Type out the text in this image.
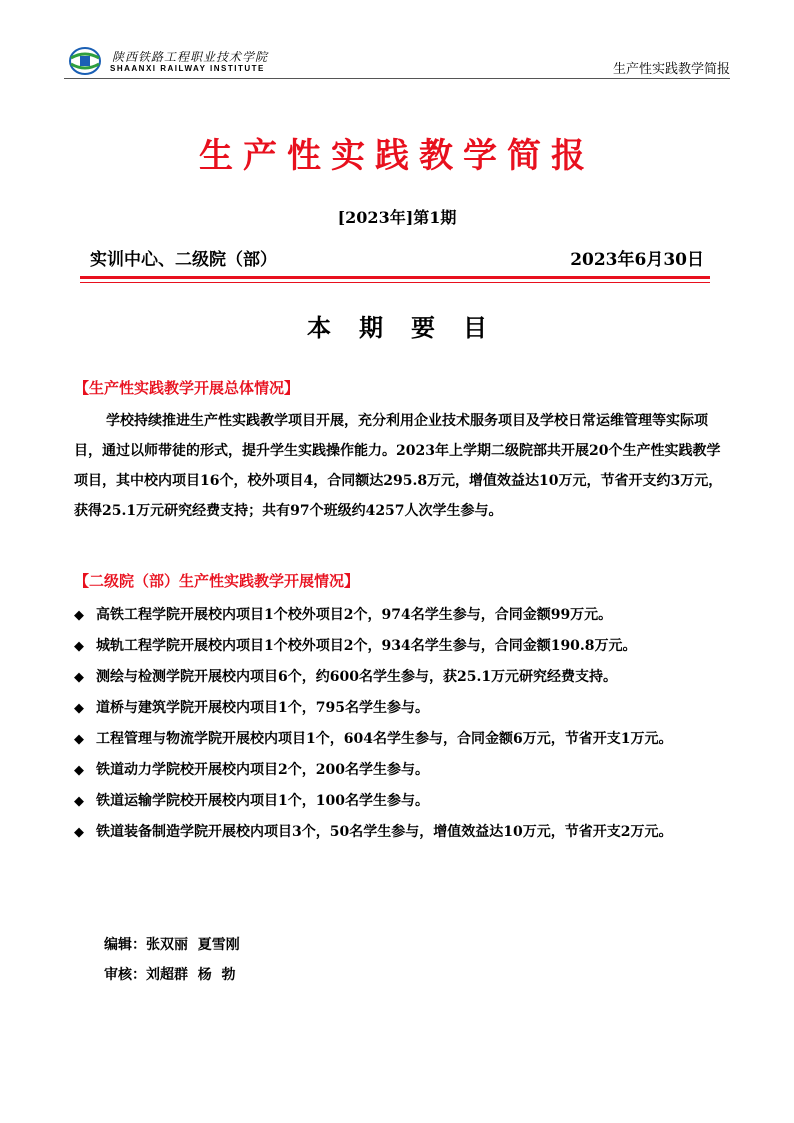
陕西铁路工程职业技术学院
SHAANXI RAILWAY INSTITUTE	生产性实践教学简报
生产性实践教学简报
[2023年]第1期
实训中心、二级院（部）	2023年6月30日
本期要目
【生产性实践教学开展总体情况】

学校持续推进生产性实践教学项目开展，充分利用企业技术服务项目及学校日常运维管理等实际项目，通过以师带徒的形式，提升学生实践操作能力。2023年上学期二级院部共开展20个生产性实践教学项目，其中校内项目16个，校外项目4，合同额达295.8万元，增值效益达10万元，节省开支约3万元，获得25.1万元研究经费支持；共有97个班级约4257人次学生参与。

【二级院（部）生产性实践教学开展情况】
◆ 高铁工程学院开展校内项目1个校外项目2个，974名学生参与，合同金额99万元。
◆ 城轨工程学院开展校内项目1个校外项目2个，934名学生参与，合同金额190.8万元。
◆ 测绘与检测学院开展校内项目6个，约600名学生参与，获25.1万元研究经费支持。
◆ 道桥与建筑学院开展校内项目1个，795名学生参与。
◆ 工程管理与物流学院开展校内项目1个，604名学生参与，合同金额6万元，节省开支1万元。
◆ 铁道动力学院校开展校内项目2个，200名学生参与。
◆ 铁道运输学院校开展校内项目1个，100名学生参与。
◆ 铁道装备制造学院开展校内项目3个，50名学生参与，增值效益达10万元，节省开支2万元。
编辑：张双丽  夏雪刚
审核：刘超群  杨  勃
